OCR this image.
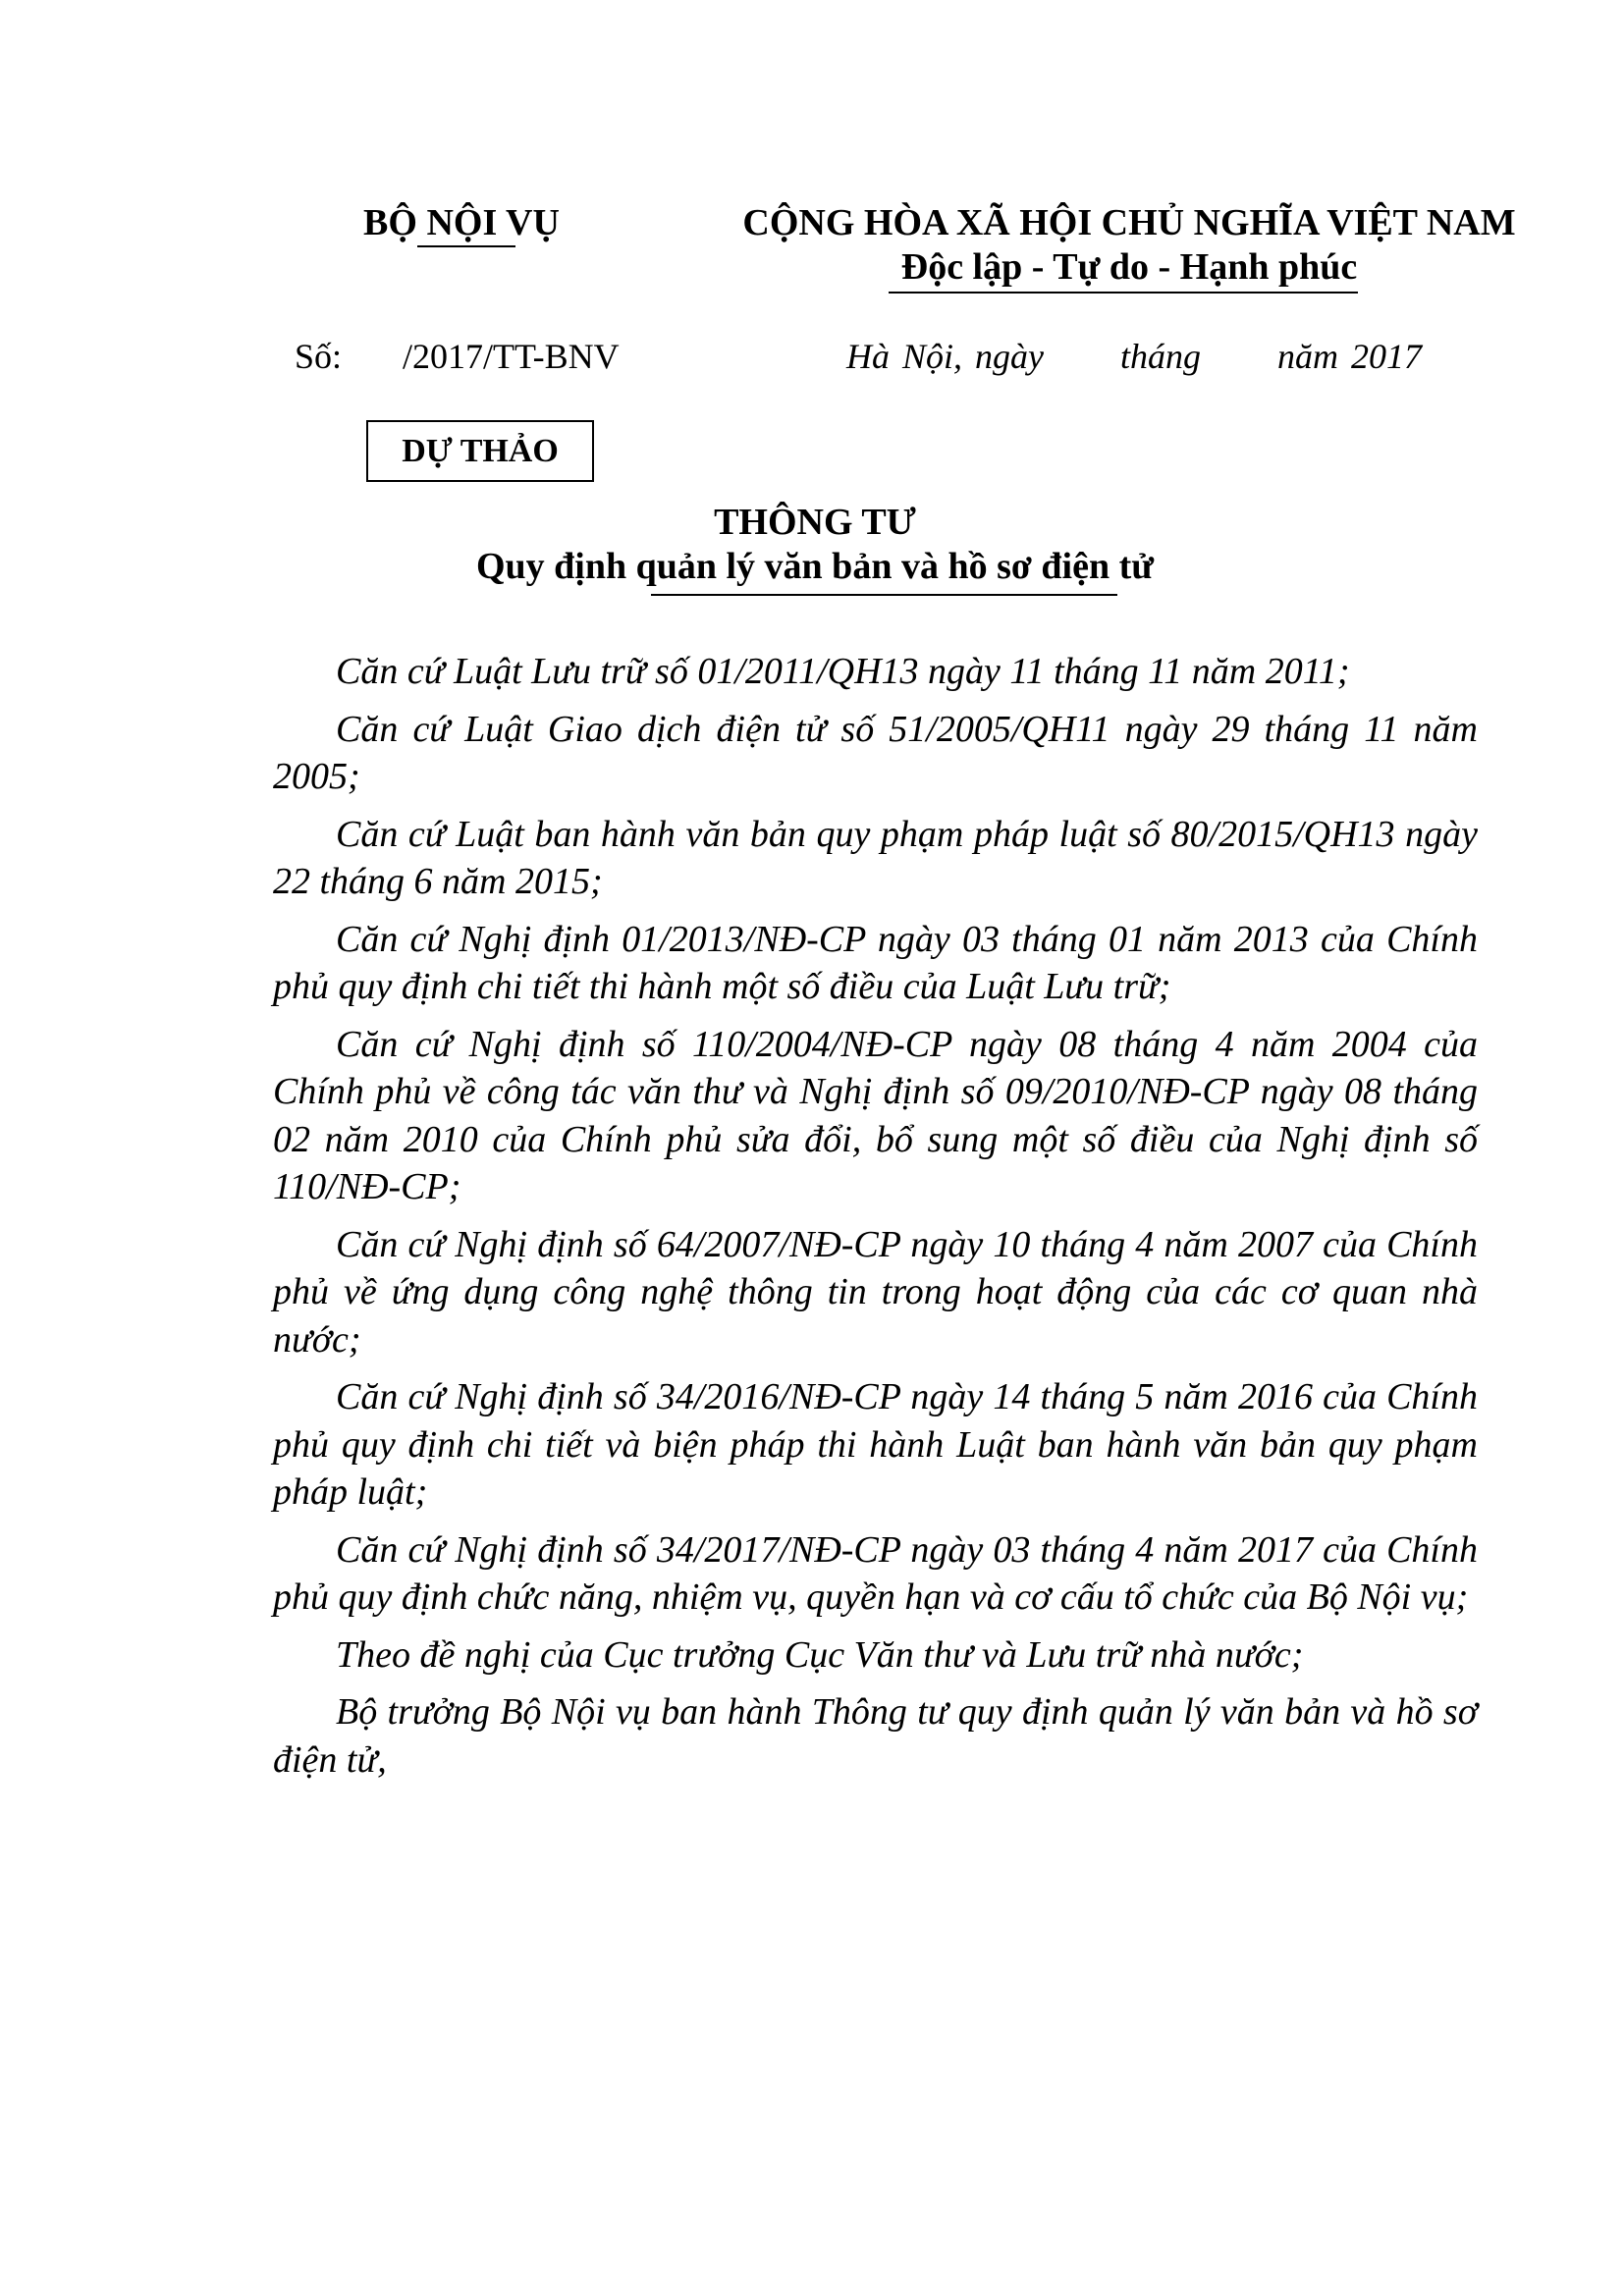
BỘ NỘI VỤ	CỘNG HÒA XÃ HỘI CHỦ NGHĨA VIỆT NAM
Độc lập - Tự do - Hạnh phúc
Số: /2017/TT-BNV	Hà Nội, ngày      tháng      năm 2017
DỰ THẢO
THÔNG TƯ
Quy định quản lý văn bản và hồ sơ điện tử

Căn cứ Luật Lưu trữ số 01/2011/QH13 ngày 11 tháng 11 năm 2011;

Căn cứ Luật Giao dịch điện tử số 51/2005/QH11 ngày 29 tháng 11 năm 2005;

Căn cứ Luật ban hành văn bản quy phạm pháp luật số 80/2015/QH13 ngày 22 tháng 6 năm 2015;

Căn cứ Nghị định 01/2013/NĐ-CP ngày 03 tháng 01 năm 2013 của Chính phủ quy định chi tiết thi hành một số điều của Luật Lưu trữ;

Căn cứ Nghị định số 110/2004/NĐ-CP ngày 08 tháng 4 năm 2004 của Chính phủ về công tác văn thư và Nghị định số 09/2010/NĐ-CP ngày 08 tháng 02 năm 2010 của Chính phủ sửa đổi, bổ sung một số điều của Nghị định số 110/NĐ-CP;

Căn cứ Nghị định số 64/2007/NĐ-CP ngày 10 tháng 4 năm 2007 của Chính phủ về ứng dụng công nghệ thông tin trong hoạt động của các cơ quan nhà nước;

Căn cứ Nghị định số 34/2016/NĐ-CP ngày 14 tháng 5 năm 2016 của Chính phủ quy định chi tiết và biện pháp thi hành Luật ban hành văn bản quy phạm pháp luật;

Căn cứ Nghị định số 34/2017/NĐ-CP ngày 03 tháng 4 năm 2017 của Chính phủ quy định chức năng, nhiệm vụ, quyền hạn và cơ cấu tổ chức của Bộ Nội vụ;

Theo đề nghị của Cục trưởng Cục Văn thư và Lưu trữ nhà nước;

Bộ trưởng Bộ Nội vụ ban hành Thông tư quy định quản lý văn bản và hồ sơ điện tử,
